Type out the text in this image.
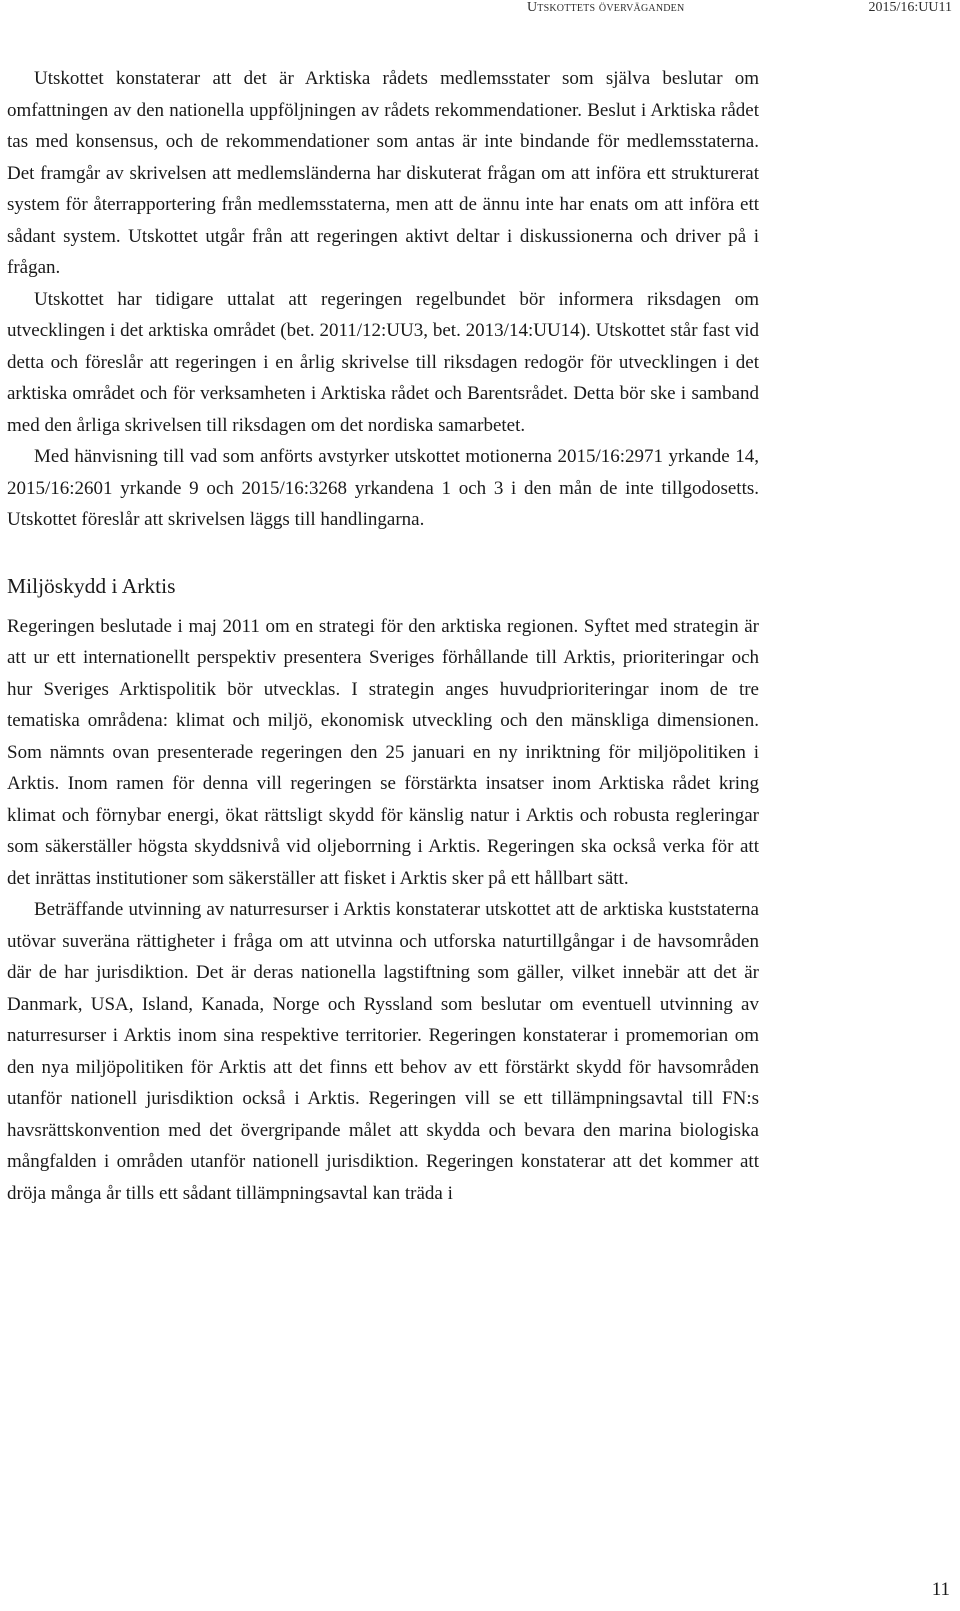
Utskottets överväganden	2015/16:UU11

Utskottet konstaterar att det är Arktiska rådets medlemsstater som själva beslutar om omfattningen av den nationella uppföljningen av rådets rekommendationer. Beslut i Arktiska rådet tas med konsensus, och de rekommendationer som antas är inte bindande för medlemsstaterna. Det framgår av skrivelsen att medlemsländerna har diskuterat frågan om att införa ett strukturerat system för återrapportering från medlemsstaterna, men att de ännu inte har enats om att införa ett sådant system. Utskottet utgår från att regeringen aktivt deltar i diskussionerna och driver på i frågan.

Utskottet har tidigare uttalat att regeringen regelbundet bör informera riksdagen om utvecklingen i det arktiska området (bet. 2011/12:UU3, bet. 2013/14:UU14). Utskottet står fast vid detta och föreslår att regeringen i en årlig skrivelse till riksdagen redogör för utvecklingen i det arktiska området och för verksamheten i Arktiska rådet och Barentsrådet. Detta bör ske i samband med den årliga skrivelsen till riksdagen om det nordiska samarbetet.

Med hänvisning till vad som anförts avstyrker utskottet motionerna 2015/16:2971 yrkande 14, 2015/16:2601 yrkande 9 och 2015/16:3268 yrkandena 1 och 3 i den mån de inte tillgodosetts. Utskottet föreslår att skrivelsen läggs till handlingarna.

Miljöskydd i Arktis

Regeringen beslutade i maj 2011 om en strategi för den arktiska regionen. Syftet med strategin är att ur ett internationellt perspektiv presentera Sveriges förhållande till Arktis, prioriteringar och hur Sveriges Arktispolitik bör utvecklas. I strategin anges huvudprioriteringar inom de tre tematiska områdena: klimat och miljö, ekonomisk utveckling och den mänskliga dimensionen. Som nämnts ovan presenterade regeringen den 25 januari en ny inriktning för miljöpolitiken i Arktis. Inom ramen för denna vill regeringen se förstärkta insatser inom Arktiska rådet kring klimat och förnybar energi, ökat rättsligt skydd för känslig natur i Arktis och robusta regleringar som säkerställer högsta skyddsnivå vid oljeborrning i Arktis. Regeringen ska också verka för att det inrättas institutioner som säkerställer att fisket i Arktis sker på ett hållbart sätt.

Beträffande utvinning av naturresurser i Arktis konstaterar utskottet att de arktiska kuststaterna utövar suveräna rättigheter i fråga om att utvinna och utforska naturtillgångar i de havsområden där de har jurisdiktion. Det är deras nationella lagstiftning som gäller, vilket innebär att det är Danmark, USA, Island, Kanada, Norge och Ryssland som beslutar om eventuell utvinning av naturresurser i Arktis inom sina respektive territorier. Regeringen konstaterar i promemorian om den nya miljöpolitiken för Arktis att det finns ett behov av ett förstärkt skydd för havsområden utanför nationell jurisdiktion också i Arktis. Regeringen vill se ett tillämpningsavtal till FN:s havsrättskonvention med det övergripande målet att skydda och bevara den marina biologiska mångfalden i områden utanför nationell jurisdiktion. Regeringen konstaterar att det kommer att dröja många år tills ett sådant tillämpningsavtal kan träda i

11
